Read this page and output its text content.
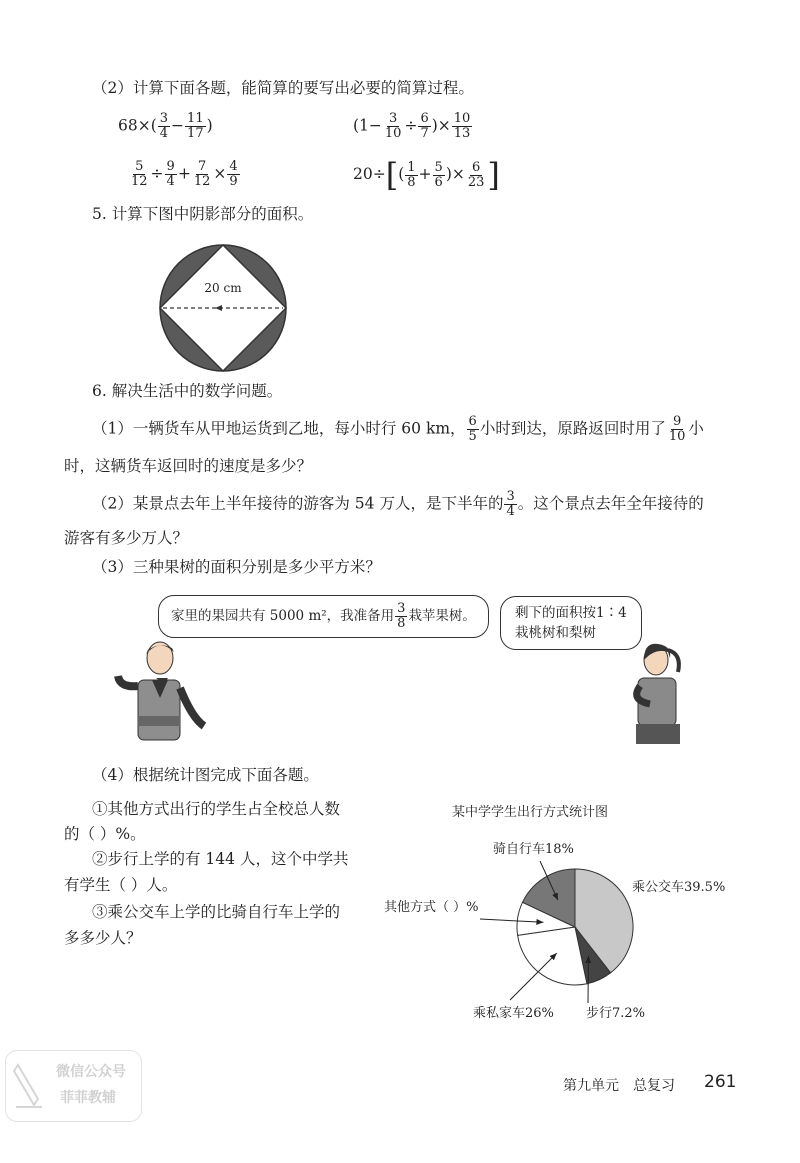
（2）计算下面各题，能简算的要写出必要的简算过程。
$68\times( \frac{3}{4} - \frac{11}{17}$ )	($1- \frac{3}{10} \div \frac{6}{7}$ )× $\frac{10}{13}$
$\frac{5}{12} \div \frac{9}{4} + \frac{7}{12} \times \frac{4}{9}$	$20\div[( \frac{1}{8} + \frac{5}{6}$ )× $\frac{6}{23}$ ]
5. 计算下图中阴影部分的面积。
20 cm
6. 解决生活中的数学问题。
（1）一辆货车从甲地运货到乙地，每小时行 60 km， $\frac{6}{5}$ 小时到达，原路返回时用了 $\frac{9}{10}$ 小
时，这辆货车返回时的速度是多少？
（2）某景点去年上半年接待的游客为 54 万人，是下半年的 $\frac{3}{4}$ 。这个景点去年全年接待的
游客有多少万人？
（3）三种果树的面积分别是多少平方米？
家里的果园共有 5000 m²，我准备用 $\frac{3}{8}$ 栽苹果树。	剩下的面积按1∶4
栽桃树和梨树
（4）根据统计图完成下面各题。
①其他方式出行的学生占全校总人数
的（ ）%。
②步行上学的有 144 人，这个中学共
有学生（ ）人。
③乘公交车上学的比骑自行车上学的
多多少人？
某中学学生出行方式统计图
乘公交车39.5%
步行7.2%
乘私家车26%
其他方式（ ）%
骑自行车18%
第九单元　总复习 261
微信公众号
菲菲教辅
